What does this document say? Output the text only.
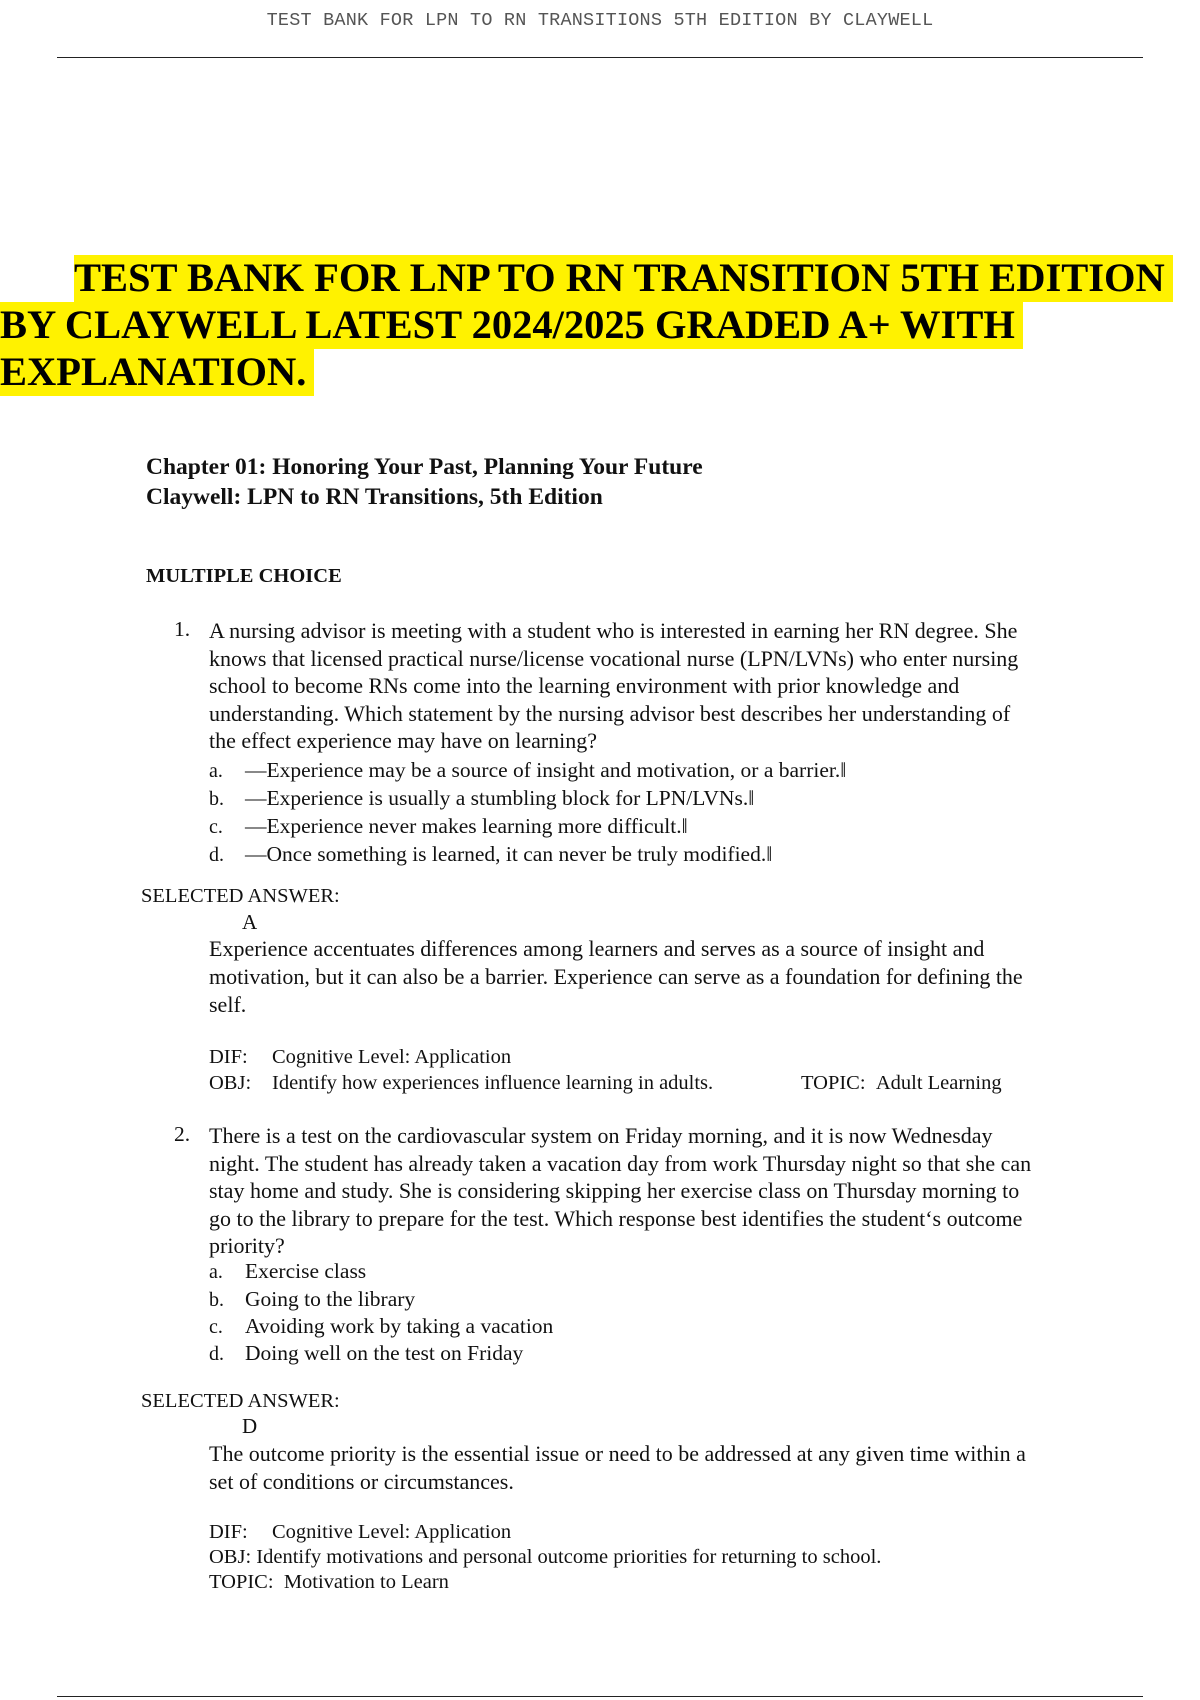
TEST BANK FOR LPN TO RN TRANSITIONS 5TH EDITION BY CLAYWELL
TEST BANK FOR LNP TO RN TRANSITION 5TH EDITION
BY CLAYWELL LATEST 2024/2025 GRADED A+ WITH
EXPLANATION.
Chapter 01: Honoring Your Past, Planning Your Future
Claywell: LPN to RN Transitions, 5th Edition
MULTIPLE CHOICE
1. A nursing advisor is meeting with a student who is interested in earning her RN degree. She
knows that licensed practical nurse/license vocational nurse (LPN/LVNs) who enter nursing
school to become RNs come into the learning environment with prior knowledge and
understanding. Which statement by the nursing advisor best describes her understanding of
the effect experience may have on learning?
a. —Experience may be a source of insight and motivation, or a barrier.‖
b. —Experience is usually a stumbling block for LPN/LVNs.‖
c. —Experience never makes learning more difficult.‖
d. —Once something is learned, it can never be truly modified.‖
SELECTED ANSWER:
A
Experience accentuates differences among learners and serves as a source of insight and
motivation, but it can also be a barrier. Experience can serve as a foundation for defining the
self.
DIF: Cognitive Level: Application
OBJ: Identify how experiences influence learning in adults.	TOPIC: Adult Learning
2. There is a test on the cardiovascular system on Friday morning, and it is now Wednesday
night. The student has already taken a vacation day from work Thursday night so that she can
stay home and study. She is considering skipping her exercise class on Thursday morning to
go to the library to prepare for the test. Which response best identifies the student‘s outcome
priority?
a. Exercise class
b. Going to the library
c. Avoiding work by taking a vacation
d. Doing well on the test on Friday
SELECTED ANSWER:
D
The outcome priority is the essential issue or need to be addressed at any given time within a
set of conditions or circumstances.
DIF: Cognitive Level: Application
OBJ: Identify motivations and personal outcome priorities for returning to school.
TOPIC: Motivation to Learn
